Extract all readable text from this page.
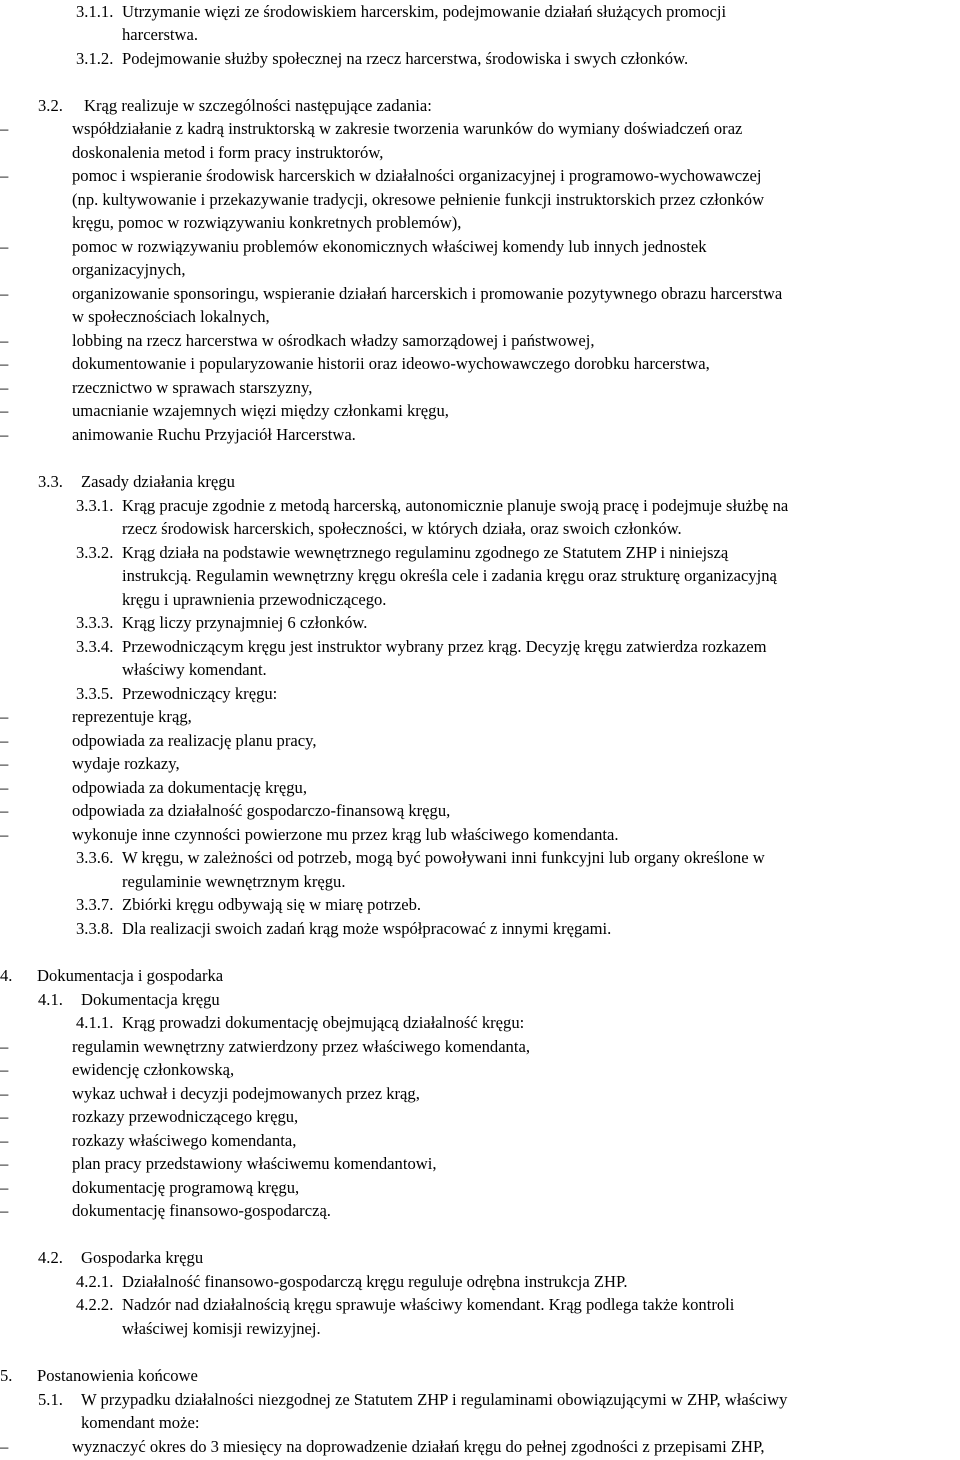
3.1.1. Utrzymanie więzi ze środowiskiem harcerskim, podejmowanie działań służących promocji
harcerstwa.
3.1.2. Podejmowanie służby społecznej na rzecz harcerstwa, środowiska i swych członków.
3.2. Krąg realizuje w szczególności następujące zadania:
–	współdziałanie z kadrą instruktorską w zakresie tworzenia warunków do wymiany doświadczeń oraz
doskonalenia metod i form pracy instruktorów,
–	pomoc i wspieranie środowisk harcerskich w działalności organizacyjnej i programowo-wychowawczej
(np. kultywowanie i przekazywanie tradycji, okresowe pełnienie funkcji instruktorskich przez członków
kręgu, pomoc w rozwiązywaniu konkretnych problemów),
–	pomoc w rozwiązywaniu problemów ekonomicznych właściwej komendy lub innych jednostek
organizacyjnych,
–	organizowanie sponsoringu, wspieranie działań harcerskich i promowanie pozytywnego obrazu harcerstwa
w społecznościach lokalnych,
–	lobbing na rzecz harcerstwa w ośrodkach władzy samorządowej i państwowej,
–	dokumentowanie i popularyzowanie historii oraz ideowo-wychowawczego dorobku harcerstwa,
–	rzecznictwo w sprawach starszyzny,
–	umacnianie wzajemnych więzi między członkami kręgu,
–	animowanie Ruchu Przyjaciół Harcerstwa.
3.3. Zasady działania kręgu
3.3.1. Krąg pracuje zgodnie z metodą harcerską, autonomicznie planuje swoją pracę i podejmuje służbę na
rzecz środowisk harcerskich, społeczności, w których działa, oraz swoich członków.
3.3.2. Krąg działa na podstawie wewnętrznego regulaminu zgodnego ze Statutem ZHP i niniejszą
instrukcją. Regulamin wewnętrzny kręgu określa cele i zadania kręgu oraz strukturę organizacyjną
kręgu i uprawnienia przewodniczącego.
3.3.3. Krąg liczy przynajmniej 6 członków.
3.3.4. Przewodniczącym kręgu jest instruktor wybrany przez krąg. Decyzję kręgu zatwierdza rozkazem
właściwy komendant.
3.3.5. Przewodniczący kręgu:
–	reprezentuje krąg,
–	odpowiada za realizację planu pracy,
–	wydaje rozkazy,
–	odpowiada za dokumentację kręgu,
–	odpowiada za działalność gospodarczo-finansową kręgu,
–	wykonuje inne czynności powierzone mu przez krąg lub właściwego komendanta.
3.3.6. W kręgu, w zależności od potrzeb, mogą być powoływani inni funkcyjni lub organy określone w
regulaminie wewnętrznym kręgu.
3.3.7. Zbiórki kręgu odbywają się w miarę potrzeb.
3.3.8. Dla realizacji swoich zadań krąg może współpracować z innymi kręgami.
4. Dokumentacja i gospodarka
4.1. Dokumentacja kręgu
4.1.1. Krąg prowadzi dokumentację obejmującą działalność kręgu:
–	regulamin wewnętrzny zatwierdzony przez właściwego komendanta,
–	ewidencję członkowską,
–	wykaz uchwał i decyzji podejmowanych przez krąg,
–	rozkazy przewodniczącego kręgu,
–	rozkazy właściwego komendanta,
–	plan pracy przedstawiony właściwemu komendantowi,
–	dokumentację programową kręgu,
–	dokumentację finansowo-gospodarczą.
4.2. Gospodarka kręgu
4.2.1. Działalność finansowo-gospodarczą kręgu reguluje odrębna instrukcja ZHP.
4.2.2. Nadzór nad działalnością kręgu sprawuje właściwy komendant. Krąg podlega także kontroli
właściwej komisji rewizyjnej.
5. Postanowienia końcowe
5.1. W przypadku działalności niezgodnej ze Statutem ZHP i regulaminami obowiązującymi w ZHP, właściwy
komendant może:
–	wyznaczyć okres do 3 miesięcy na doprowadzenie działań kręgu do pełnej zgodności z przepisami ZHP,
